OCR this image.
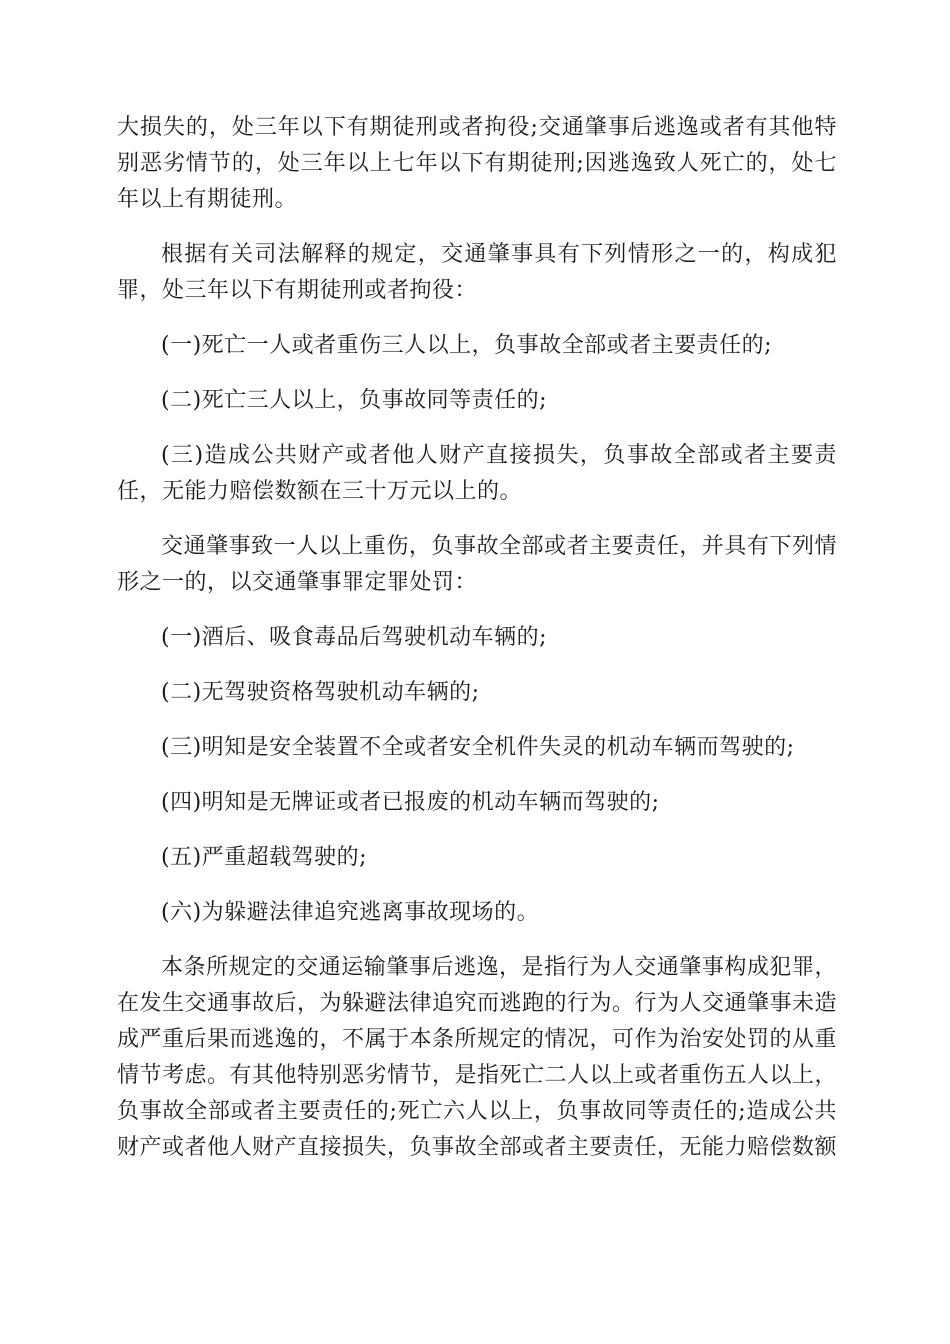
大损失的，处三年以下有期徒刑或者拘役;交通肇事后逃逸或者有其他特别恶劣情节的，处三年以上七年以下有期徒刑;因逃逸致人死亡的，处七年以上有期徒刑。

根据有关司法解释的规定，交通肇事具有下列情形之一的，构成犯罪，处三年以下有期徒刑或者拘役：

(一)死亡一人或者重伤三人以上，负事故全部或者主要责任的;

(二)死亡三人以上，负事故同等责任的;

(三)造成公共财产或者他人财产直接损失，负事故全部或者主要责任，无能力赔偿数额在三十万元以上的。

交通肇事致一人以上重伤，负事故全部或者主要责任，并具有下列情形之一的，以交通肇事罪定罪处罚：

(一)酒后、吸食毒品后驾驶机动车辆的;

(二)无驾驶资格驾驶机动车辆的;

(三)明知是安全装置不全或者安全机件失灵的机动车辆而驾驶的;

(四)明知是无牌证或者已报废的机动车辆而驾驶的;

(五)严重超载驾驶的;

(六)为躲避法律追究逃离事故现场的。

本条所规定的交通运输肇事后逃逸，是指行为人交通肇事构成犯罪，在发生交通事故后，为躲避法律追究而逃跑的行为。行为人交通肇事未造成严重后果而逃逸的，不属于本条所规定的情况，可作为治安处罚的从重情节考虑。有其他特别恶劣情节，是指死亡二人以上或者重伤五人以上，负事故全部或者主要责任的;死亡六人以上，负事故同等责任的;造成公共财产或者他人财产直接损失，负事故全部或者主要责任，无能力赔偿数额
